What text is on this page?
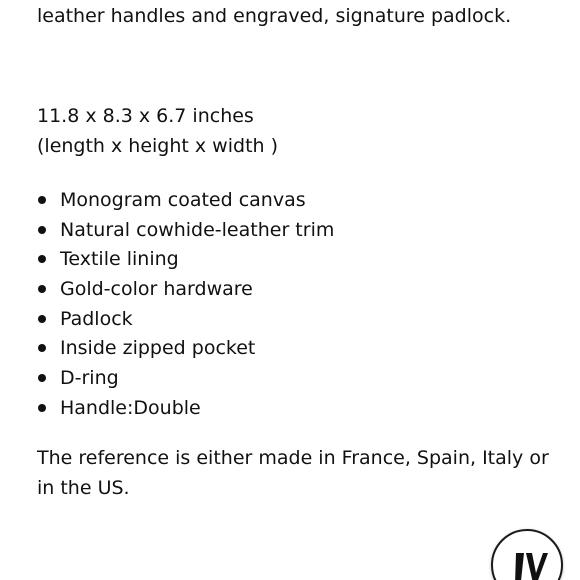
leather handles and engraved, signature padlock.

11.8 x 8.3 x 6.7 inches
(length x height x width )
Monogram coated canvas
Natural cowhide-leather trim
Textile lining
Gold-color hardware
Padlock
Inside zipped pocket
D-ring
Handle:Double

The reference is either made in France, Spain, Italy or in the US.
